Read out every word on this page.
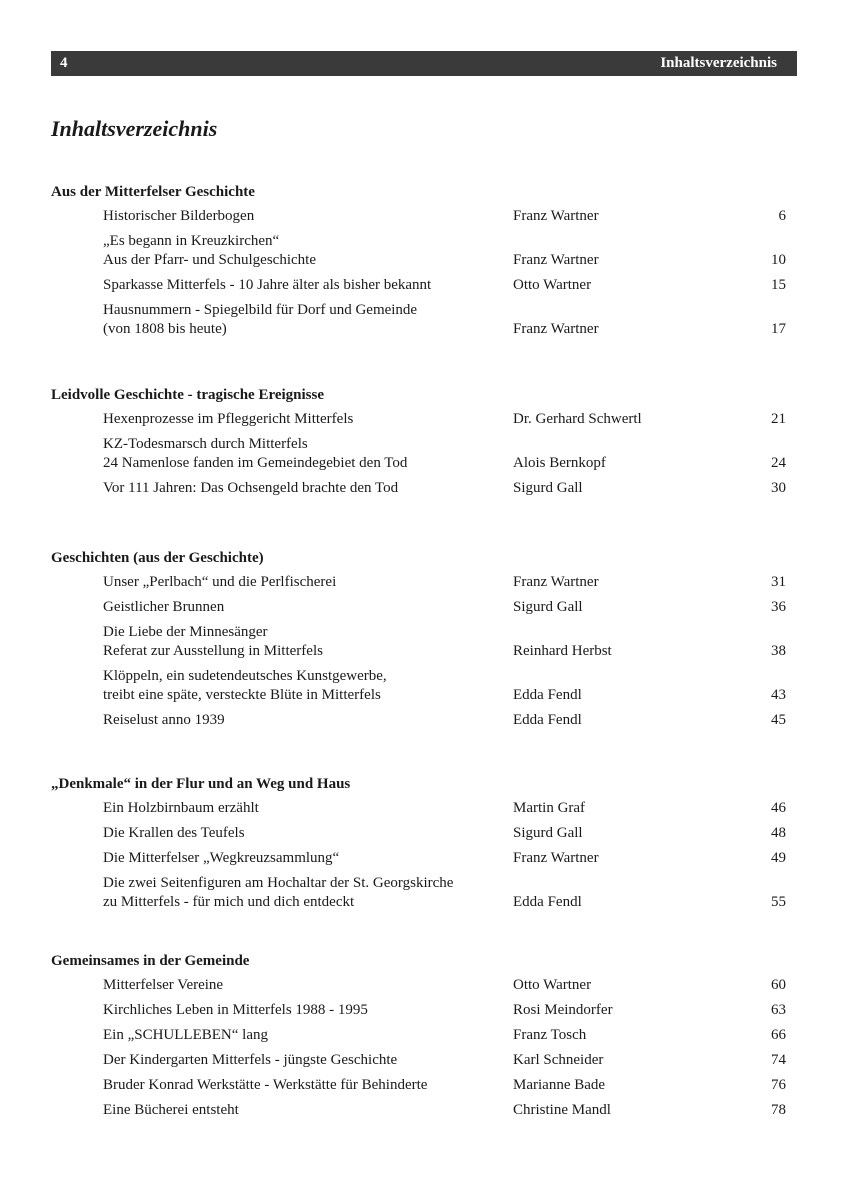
4	Inhaltsverzeichnis
Inhaltsverzeichnis
Aus der Mitterfelser Geschichte
Historischer Bilderbogen	Franz Wartner	6
„Es begann in Kreuzkirchen“
Aus der Pfarr- und Schulgeschichte	Franz Wartner	10
Sparkasse Mitterfels - 10 Jahre älter als bisher bekannt	Otto Wartner	15
Hausnummern - Spiegelbild für Dorf und Gemeinde
(von 1808 bis heute)	Franz Wartner	17
Leidvolle Geschichte - tragische Ereignisse
Hexenprozesse im Pfleggericht Mitterfels	Dr. Gerhard Schwertl	21
KZ-Todesmarsch durch Mitterfels
24 Namenlose fanden im Gemeindegebiet den Tod	Alois Bernkopf	24
Vor 111 Jahren: Das Ochsengeld brachte den Tod	Sigurd Gall	30
Geschichten (aus der Geschichte)
Unser „Perlbach“ und die Perlfischerei	Franz Wartner	31
Geistlicher Brunnen	Sigurd Gall	36
Die Liebe der Minnesänger
Referat zur Ausstellung in Mitterfels	Reinhard Herbst	38
Klöppeln, ein sudetendeutsches Kunstgewerbe,
treibt eine späte, versteckte Blüte in Mitterfels	Edda Fendl	43
Reiselust anno 1939	Edda Fendl	45
„Denkmale“ in der Flur und an Weg und Haus
Ein Holzbirnbaum erzählt	Martin Graf	46
Die Krallen des Teufels	Sigurd Gall	48
Die Mitterfelser „Wegkreuzsammlung“	Franz Wartner	49
Die zwei Seitenfiguren am Hochaltar der St. Georgskirche
zu Mitterfels - für mich und dich entdeckt	Edda Fendl	55
Gemeinsames in der Gemeinde
Mitterfelser Vereine	Otto Wartner	60
Kirchliches Leben in Mitterfels 1988 - 1995	Rosi Meindorfer	63
Ein „SCHULLEBEN“ lang	Franz Tosch	66
Der Kindergarten Mitterfels - jüngste Geschichte	Karl Schneider	74
Bruder Konrad Werkstätte - Werkstätte für Behinderte	Marianne Bade	76
Eine Bücherei entsteht	Christine Mandl	78
